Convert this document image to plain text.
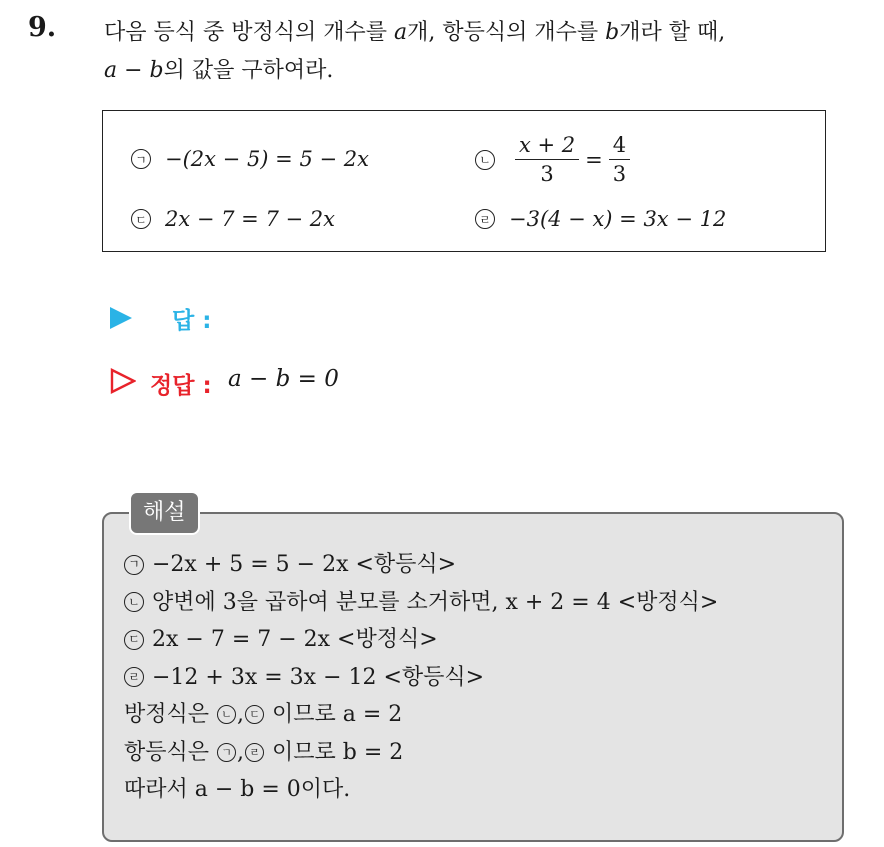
9. 다음 등식 중 방정식의 개수를 a개, 항등식의 개수를 b개라 할 때,
a − b의 값을 구하여라.
ㄱ −(2x − 5) = 5 − 2x	ㄴ $\frac{x + 2}{3} = \frac{4}{3}$
ㄷ 2x − 7 = 7 − 2x	ㄹ −3(4 − x) = 3x − 12
답 :
정답 : a − b = 0
해설
ㄱ −2x + 5 = 5 − 2x <항등식>
ㄴ 양변에 3을 곱하여 분모를 소거하면, x + 2 = 4 <방정식>
ㄷ 2x − 7 = 7 − 2x <방정식>
ㄹ −12 + 3x = 3x − 12 <항등식>
방정식은
	ㄴ , ㄷ
이므로 a = 2
항등식은
	ㄱ , ㄹ
이므로 b = 2
따라서 a − b = 0이다.
